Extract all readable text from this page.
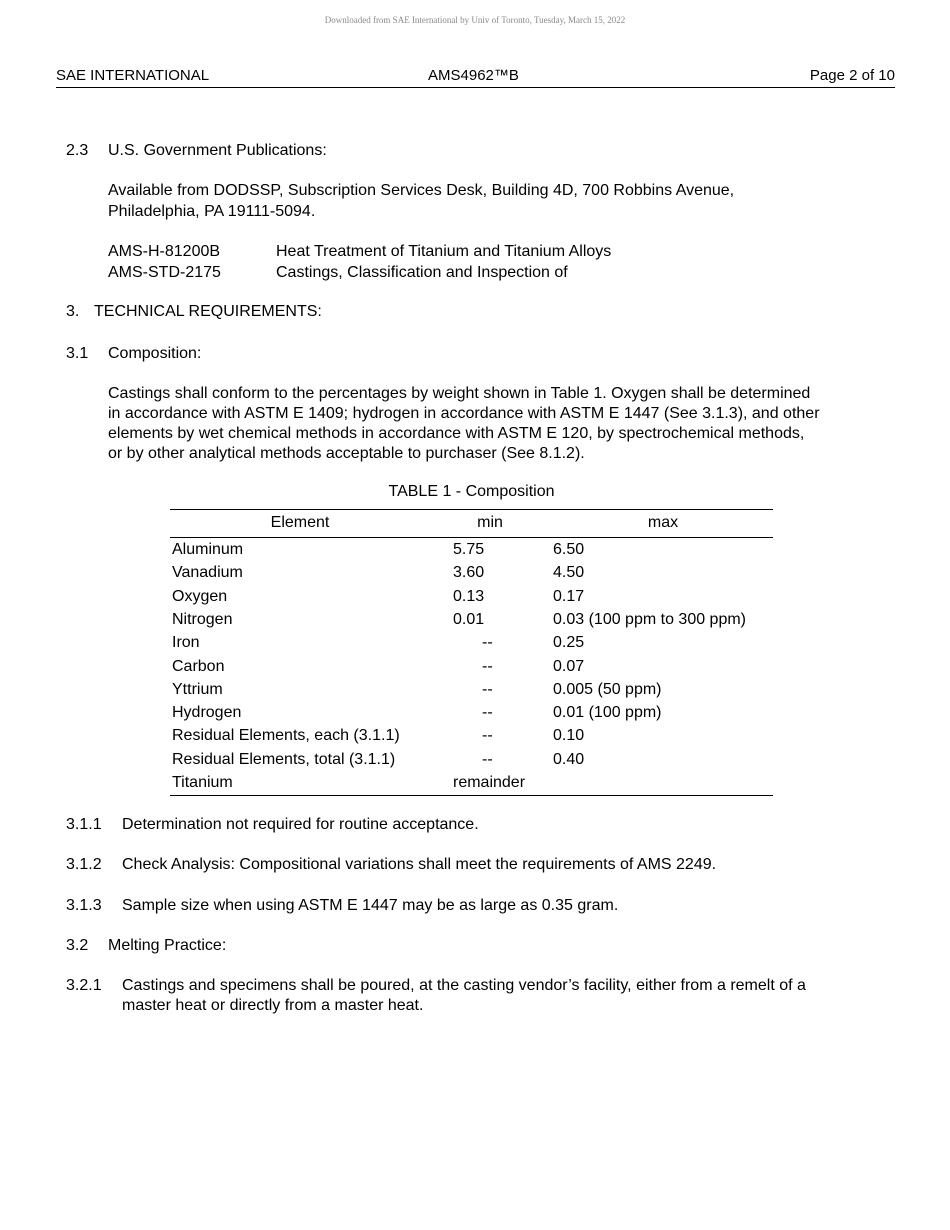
Downloaded from SAE International by Univ of Toronto, Tuesday, March 15, 2022
SAE INTERNATIONAL	AMS4962™B	Page 2 of 10
2.3 U.S. Government Publications:
Available from DODSSP, Subscription Services Desk, Building 4D, 700 Robbins Avenue,
Philadelphia, PA 19111-5094.
AMS-H-81200B	Heat Treatment of Titanium and Titanium Alloys
AMS-STD-2175	Castings, Classification and Inspection of
3. TECHNICAL REQUIREMENTS:
3.1 Composition:
Castings shall conform to the percentages by weight shown in Table 1. Oxygen shall be determined
in accordance with ASTM E 1409; hydrogen in accordance with ASTM E 1447 (See 3.1.3), and other
elements by wet chemical methods in accordance with ASTM E 120, by spectrochemical methods,
or by other analytical methods acceptable to purchaser (See 8.1.2).
TABLE 1 - Composition
Element	min	max
Aluminum	5.75	6.50
Vanadium	3.60	4.50
Oxygen	0.13	0.17
Nitrogen	0.01	0.03 (100 ppm to 300 ppm)
Iron	--	0.25
Carbon	--	0.07
Yttrium	--	0.005 (50 ppm)
Hydrogen	--	0.01 (100 ppm)
Residual Elements, each (3.1.1)	--	0.10
Residual Elements, total (3.1.1)	--	0.40
Titanium	remainder
3.1.1 Determination not required for routine acceptance.
3.1.2 Check Analysis: Compositional variations shall meet the requirements of AMS 2249.
3.1.3 Sample size when using ASTM E 1447 may be as large as 0.35 gram.
3.2 Melting Practice:
3.2.1 Castings and specimens shall be poured, at the casting vendor’s facility, either from a remelt of a
master heat or directly from a master heat.
